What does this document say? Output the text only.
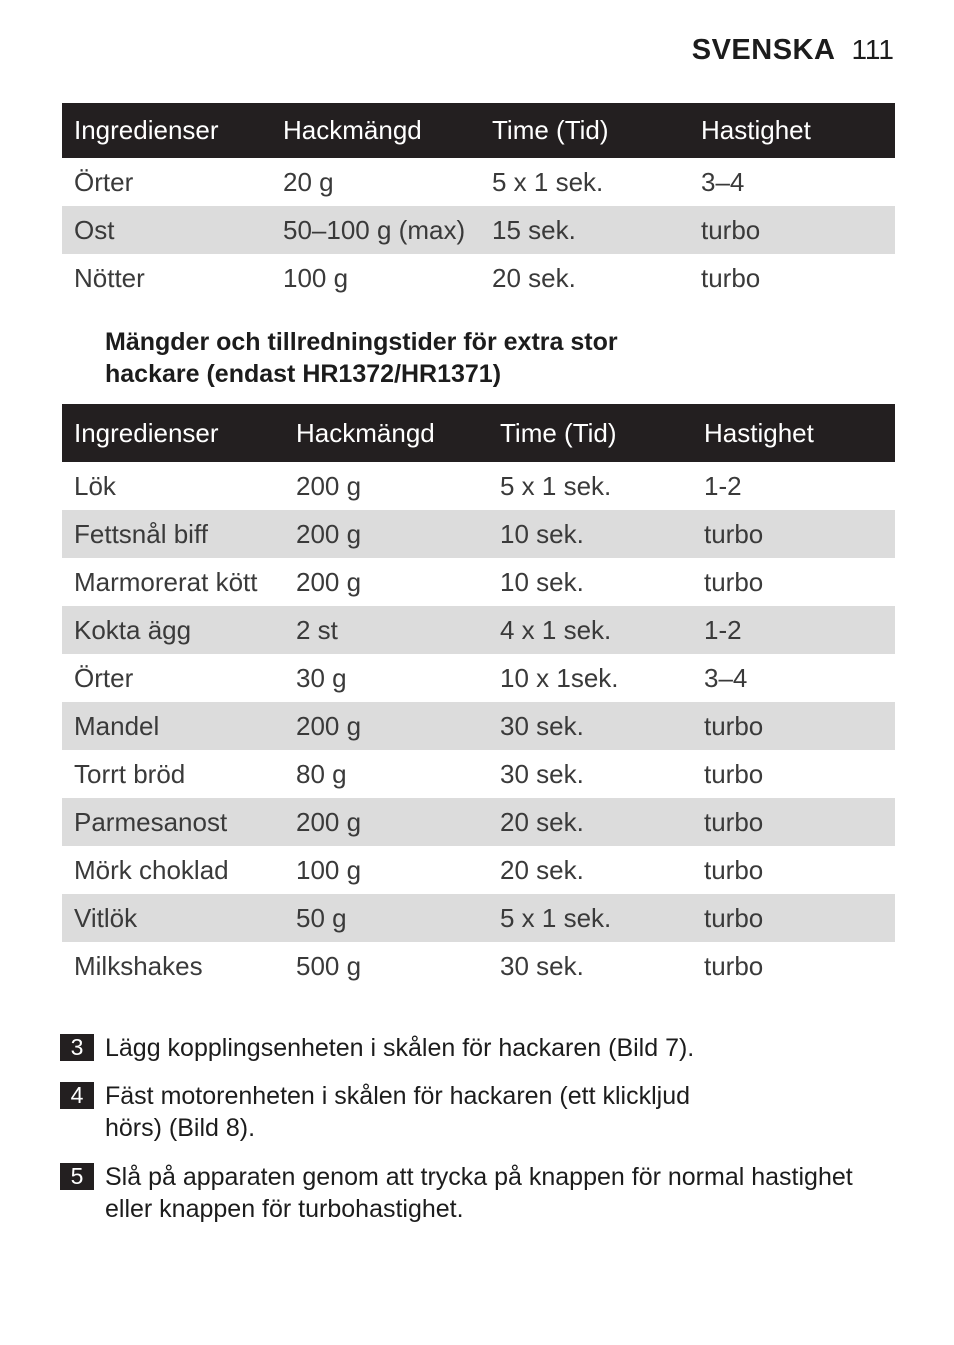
SVENSKA 111
Ingredienser	Hackmängd	Time (Tid)	Hastighet
Örter	20 g	5 x 1 sek.	3–4
Ost	50–100 g (max)	15 sek.	turbo
Nötter	100 g	20 sek.	turbo
Mängder och tillredningstider för extra stor
hackare (endast HR1372/HR1371)
Ingredienser	Hackmängd	Time (Tid)	Hastighet
Lök	200 g	5 x 1 sek.	1-2
Fettsnål biff	200 g	10 sek.	turbo
Marmorerat kött	200 g	10 sek.	turbo
Kokta ägg	2 st	4 x 1 sek.	1-2
Örter	30 g	10 x 1sek.	3–4
Mandel	200 g	30 sek.	turbo
Torrt bröd	80 g	30 sek.	turbo
Parmesanost	200 g	20 sek.	turbo
Mörk choklad	100 g	20 sek.	turbo
Vitlök	50 g	5 x 1 sek.	turbo
Milkshakes	500 g	30 sek.	turbo
3 Lägg kopplingsenheten i skålen för hackaren (Bild 7).
4 Fäst motorenheten i skålen för hackaren (ett klickljud
hörs) (Bild 8).
5 Slå på apparaten genom att trycka på knappen för normal hastighet
eller knappen för turbohastighet.
